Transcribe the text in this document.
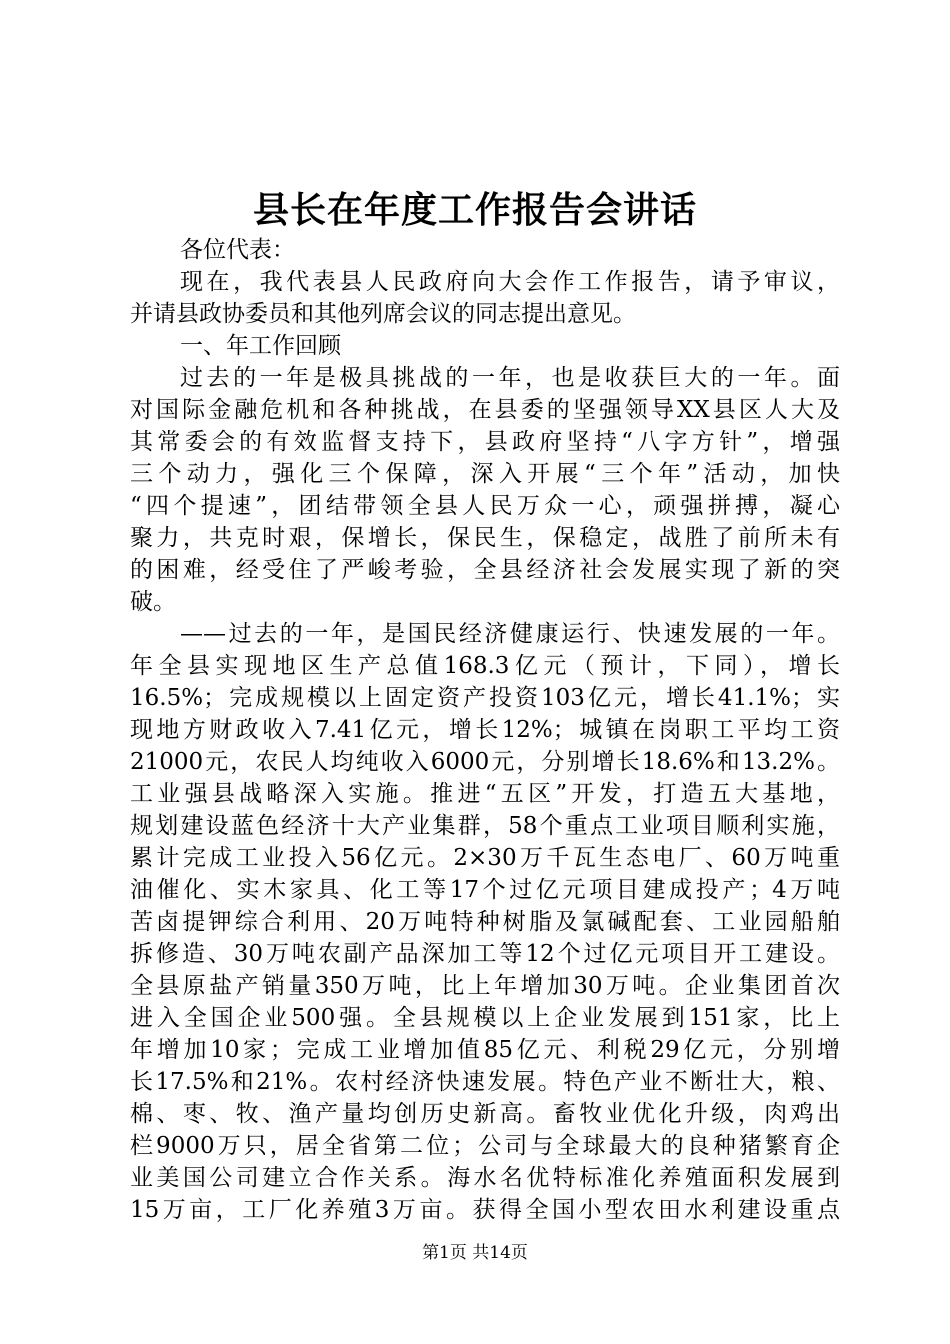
县长在年度工作报告会讲话
各位代表：
现在，我代表县人民政府向大会作工作报告，请予审议，
并请县政协委员和其他列席会议的同志提出意见。
一、年工作回顾
过去的一年是极具挑战的一年，也是收获巨大的一年。面
对国际金融危机和各种挑战，在县委的坚强领导XX县区人大及
其常委会的有效监督支持下，县政府坚持“八字方针”，增强
三个动力，强化三个保障，深入开展“三个年”活动，加快
“四个提速”，团结带领全县人民万众一心，顽强拼搏，凝心
聚力，共克时艰，保增长，保民生，保稳定，战胜了前所未有
的困难，经受住了严峻考验，全县经济社会发展实现了新的突
破。
——过去的一年，是国民经济健康运行、快速发展的一年。
年全县实现地区生产总值168.3亿元（预计，下同），增长
16.5%；完成规模以上固定资产投资103亿元，增长41.1%；实
现地方财政收入7.41亿元，增长12%；城镇在岗职工平均工资
21000元，农民人均纯收入6000元，分别增长18.6%和13.2%。
工业强县战略深入实施。推进“五区”开发，打造五大基地，
规划建设蓝色经济十大产业集群，58个重点工业项目顺利实施，
累计完成工业投入56亿元。2×30万千瓦生态电厂、60万吨重
油催化、实木家具、化工等17个过亿元项目建成投产；4万吨
苦卤提钾综合利用、20万吨特种树脂及氯碱配套、工业园船舶
拆修造、30万吨农副产品深加工等12个过亿元项目开工建设。
全县原盐产销量350万吨，比上年增加30万吨。企业集团首次
进入全国企业500强。全县规模以上企业发展到151家，比上
年增加10家；完成工业增加值85亿元、利税29亿元，分别增
长17.5%和21%。农村经济快速发展。特色产业不断壮大，粮、
棉、枣、牧、渔产量均创历史新高。畜牧业优化升级，肉鸡出
栏9000万只，居全省第二位；公司与全球最大的良种猪繁育企
业美国公司建立合作关系。海水名优特标准化养殖面积发展到
15万亩，工厂化养殖3万亩。获得全国小型农田水利建设重点
第1页 共14页
